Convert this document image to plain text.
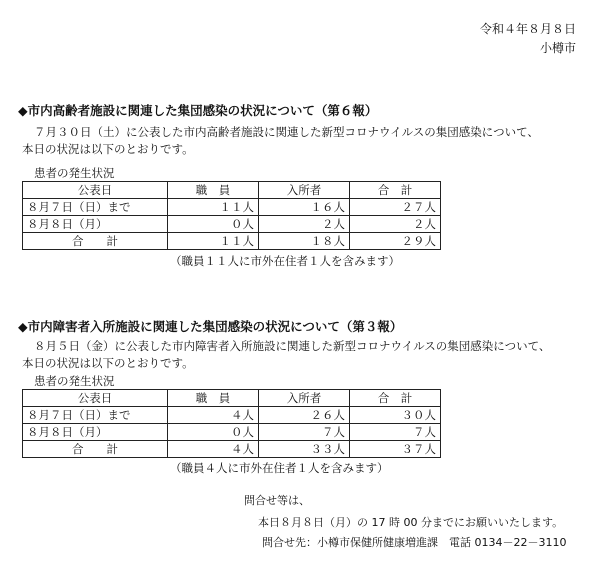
令和４年８月８日
小樽市
◆市内高齢者施設に関連した集団感染の状況について（第６報）
７月３０日（土）に公表した市内高齢者施設に関連した新型コロナウイルスの集団感染について、
本日の状況は以下のとおりです。
患者の発生状況
公表日	職　員	入所者	合　計
８月７日（日）まで	１１人	１６人	２７人
８月８日（月）	０人	２人	２人
合　　計	１１人	１８人	２９人
（職員１１人に市外在住者１人を含みます）
◆市内障害者入所施設に関連した集団感染の状況について（第３報）
８月５日（金）に公表した市内障害者入所施設に関連した新型コロナウイルスの集団感染について、
本日の状況は以下のとおりです。
患者の発生状況
公表日	職　員	入所者	合　計
８月７日（日）まで	４人	２６人	３０人
８月８日（月）	０人	７人	７人
合　　計	４人	３３人	３７人
（職員４人に市外在住者１人を含みます）
問合せ等は、
本日８月８日（月）の 17 時 00 分までにお願いいたします。
問合せ先：小樽市保健所健康増進課　電話 0134－22－3110
